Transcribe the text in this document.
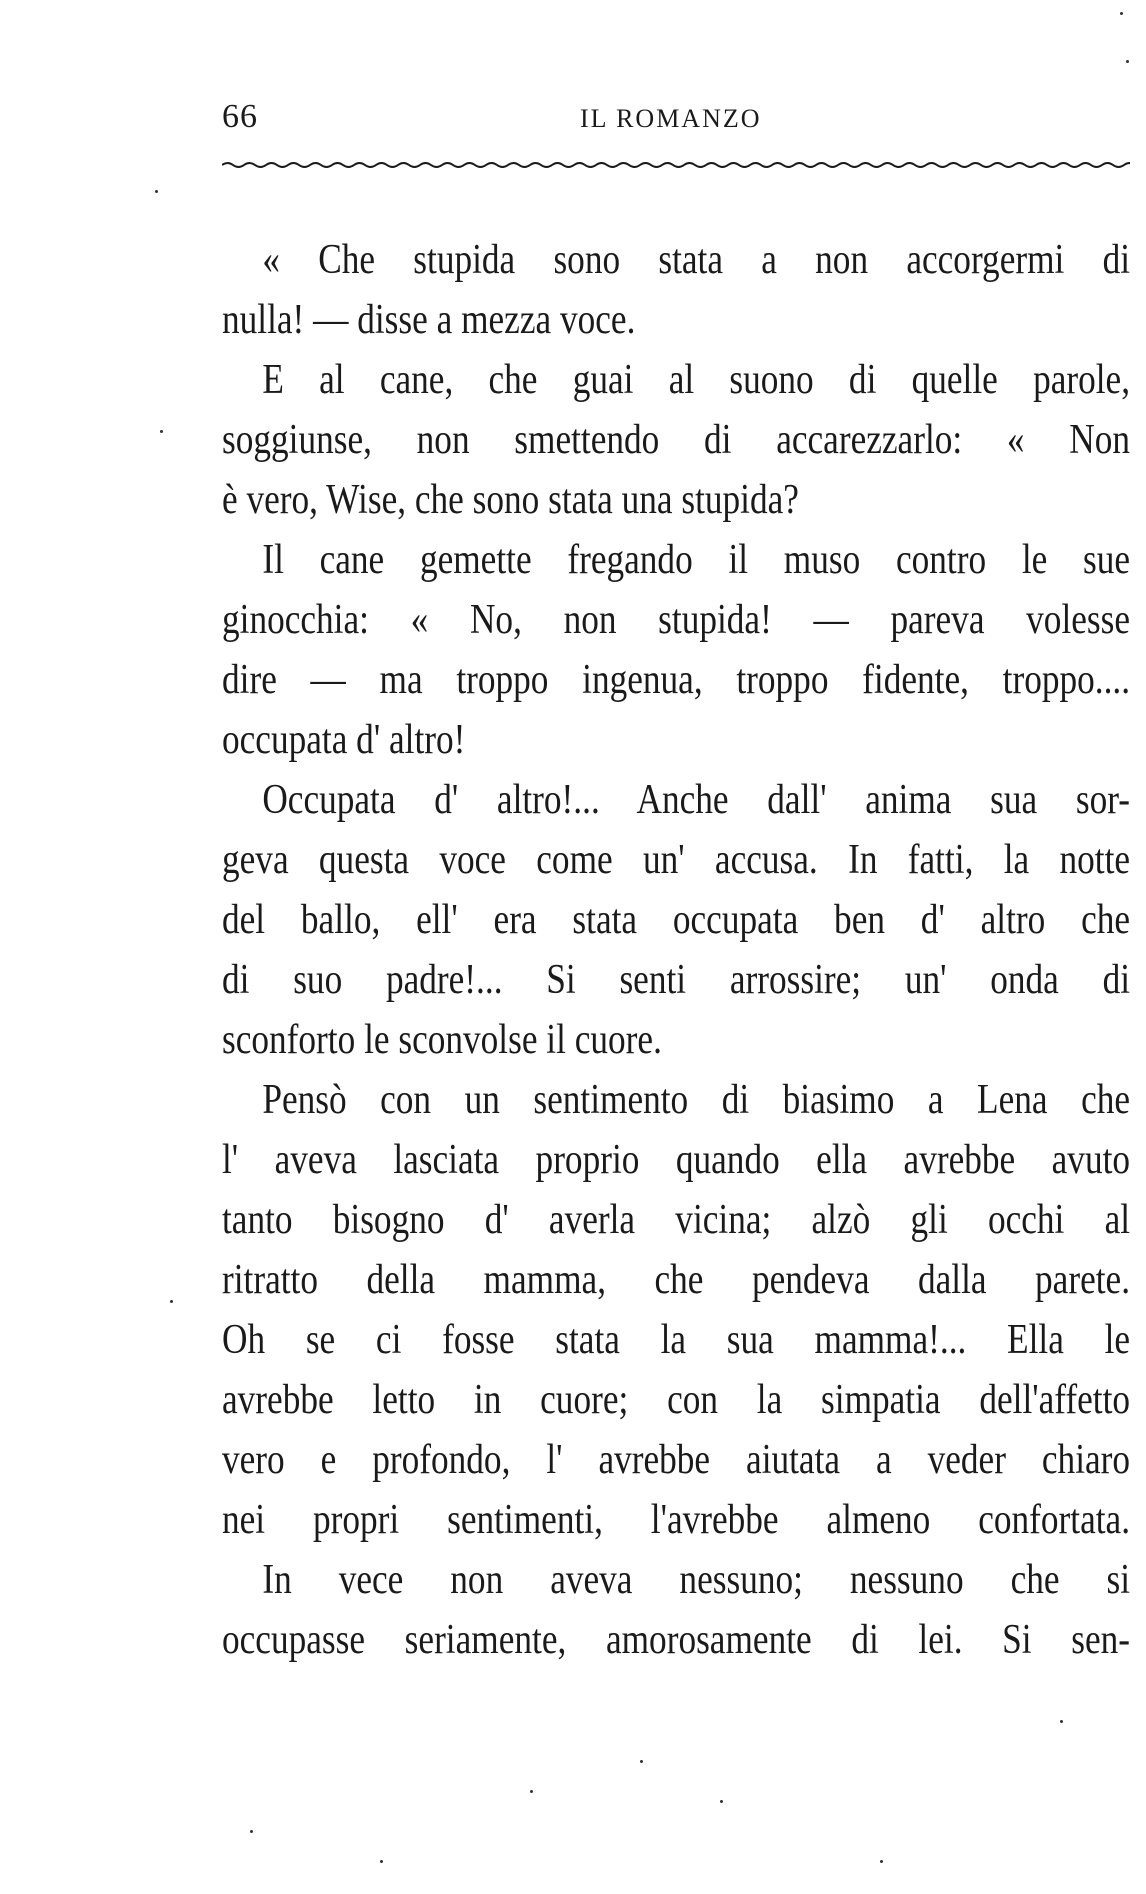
66	IL ROMANZO
« Che stupida sono stata a non accorgermi di
nulla! — disse a mezza voce.
E al cane, che guai al suono di quelle parole,
soggiunse, non smettendo di accarezzarlo: « Non
è vero, Wise, che sono stata una stupida?
Il cane gemette fregando il muso contro le sue
ginocchia: « No, non stupida! — pareva volesse
dire — ma troppo ingenua, troppo fidente, troppo....
occupata d' altro!
Occupata d' altro!... Anche dall' anima sua sor-
geva questa voce come un' accusa. In fatti, la notte
del ballo, ell' era stata occupata ben d' altro che
di suo padre!... Si senti arrossire; un' onda di
sconforto le sconvolse il cuore.
Pensò con un sentimento di biasimo a Lena che
l' aveva lasciata proprio quando ella avrebbe avuto
tanto bisogno d' averla vicina; alzò gli occhi al
ritratto della mamma, che pendeva dalla parete.
Oh se ci fosse stata la sua mamma!... Ella le
avrebbe letto in cuore; con la simpatia dell'affetto
vero e profondo, l' avrebbe aiutata a veder chiaro
nei propri sentimenti, l'avrebbe almeno confortata.
In vece non aveva nessuno; nessuno che si
occupasse seriamente, amorosamente di lei. Si sen-
